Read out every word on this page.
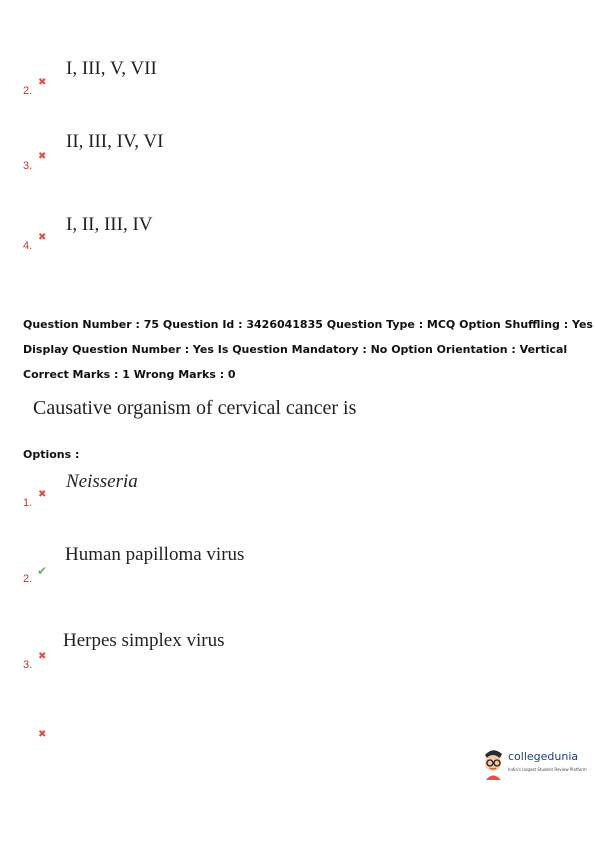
✖
2.
I, III, V, VII
✖
3.
II, III, IV, VI
✖
4.
I, II, III, IV
Question Number : 75 Question Id : 3426041835 Question Type : MCQ Option Shuffling : Yes
Display Question Number : Yes Is Question Mandatory : No Option Orientation : Vertical
Correct Marks : 1 Wrong Marks : 0
Causative organism of cervical cancer is
Options :
✖
1.
Neisseria
✔
2.
Human papilloma virus
✖
3.
Herpes simplex virus
✖
collegedunia
India's largest Student Review Platform
